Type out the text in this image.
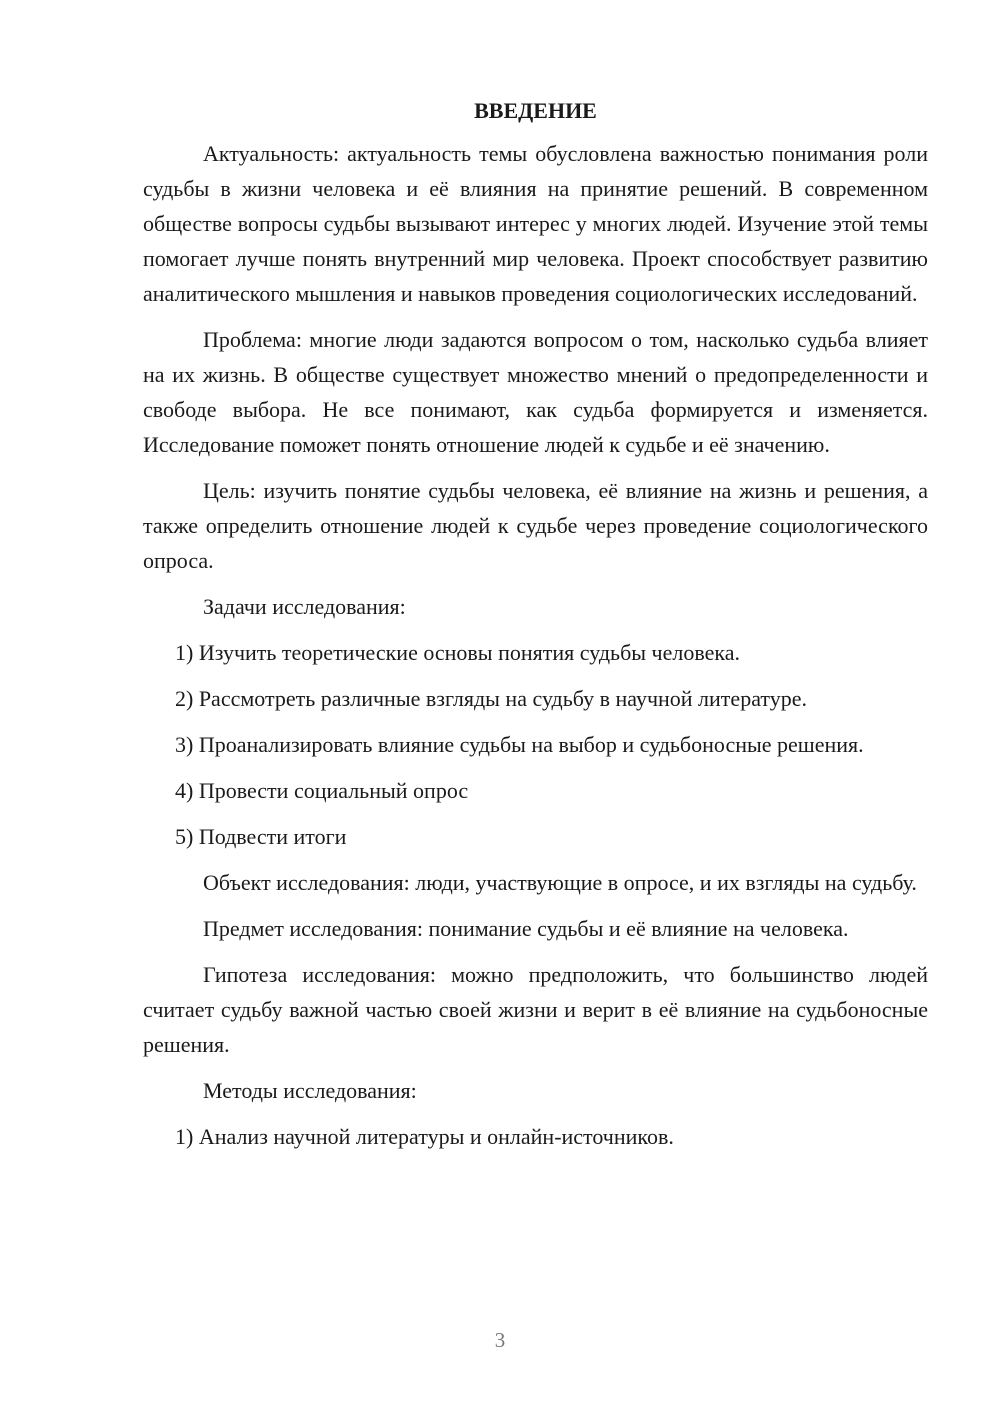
ВВЕДЕНИЕ

Актуальность: актуальность темы обусловлена важностью понимания роли судьбы в жизни человека и её влияния на принятие решений. В современном обществе вопросы судьбы вызывают интерес у многих людей. Изучение этой темы помогает лучше понять внутренний мир человека. Проект способствует развитию аналитического мышления и навыков проведения социологических исследований.

Проблема: многие люди задаются вопросом о том, насколько судьба влияет на их жизнь. В обществе существует множество мнений о предопределенности и свободе выбора. Не все понимают, как судьба формируется и изменяется. Исследование поможет понять отношение людей к судьбе и её значению.

Цель: изучить понятие судьбы человека, её влияние на жизнь и решения, а также определить отношение людей к судьбе через проведение социологического опроса.

Задачи исследования:

1) Изучить теоретические основы понятия судьбы человека.

2) Рассмотреть различные взгляды на судьбу в научной литературе.

3) Проанализировать влияние судьбы на выбор и судьбоносные решения.

4) Провести социальный опрос

5) Подвести итоги

Объект исследования: люди, участвующие в опросе, и их взгляды на судьбу.

Предмет исследования: понимание судьбы и её влияние на человека.

Гипотеза исследования: можно предположить, что большинство людей считает судьбу важной частью своей жизни и верит в её влияние на судьбоносные решения.

Методы исследования:

1) Анализ научной литературы и онлайн-источников.

3
